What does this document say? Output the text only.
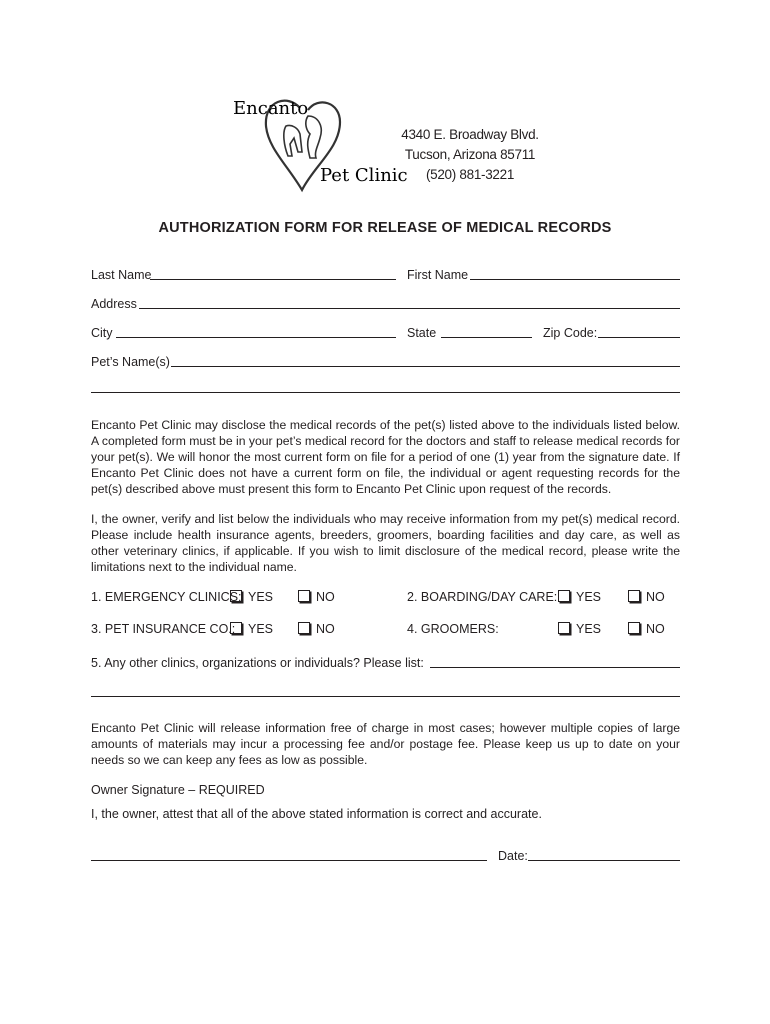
Encanto
Pet Clinic
4340 E. Broadway Blvd.
Tucson, Arizona 85711
(520) 881-3221
AUTHORIZATION FORM FOR RELEASE OF MEDICAL RECORDS
Last Name	First Name
Address
City	State	Zip Code:
Pet’s Name(s)
Encanto Pet Clinic may disclose the medical records of the pet(s) listed above to the individuals listed below. A completed form must be in your pet’s medical record for the doctors and staff to release medical records for your pet(s). We will honor the most current form on file for a period of one (1) year from the signature date. If Encanto Pet Clinic does not have a current form on file, the individual or agent requesting records for the pet(s) described above must present this form to Encanto Pet Clinic upon request of the records.
I, the owner, verify and list below the individuals who may receive information from my pet(s) medical record. Please include health insurance agents, breeders, groomers, boarding facilities and day care, as well as other veterinary clinics, if applicable. If you wish to limit disclosure of the medical record, please write the limitations next to the individual name.
1. EMERGENCY CLINICS: YES	NO	2. BOARDING/DAY CARE:	YES	NO
3. PET INSURANCE CO.:	YES	NO	4. GROOMERS:	YES	NO
5. Any other clinics, organizations or individuals? Please list:
Encanto Pet Clinic will release information free of charge in most cases; however multiple copies of large amounts of materials may incur a processing fee and/or postage fee. Please keep us up to date on your needs so we can keep any fees as low as possible.
Owner Signature – REQUIRED
I, the owner, attest that all of the above stated information is correct and accurate.
Date:
